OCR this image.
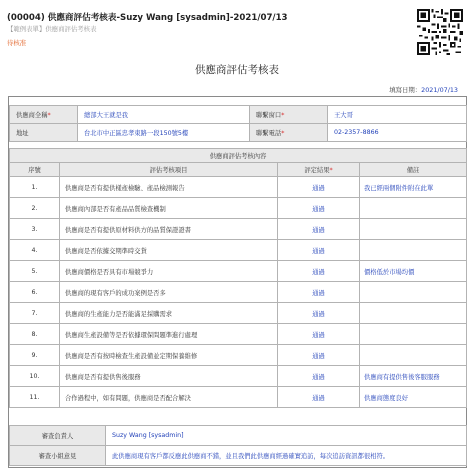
(00004) 供應商評估考核表-Suzy Wang [sysadmin]-2021/07/13
【範例表單】供應商評估考核表
待核准
供應商評估考核表
填寫日期：2021/07/13
供應商全稱*	總部大王就是我	聯繫窗口*	王大哥
地址	台北市中正區忠孝東路一段150號5樓	聯繫電話*	02-2357-8866
供應商評估考核內容			
序號	評估考核項目	評定結果*	備註
1.	供應商是否有提供樣產檢驗、產品檢測報告	通過	我已經兩個附件附在此單
2.	供應商內部是否有產品品質檢查機制	通過	
3.	供應商是否有提供原材料供方的品質保證證書	通過	
4.	供應商是否依據交期準時交貨	通過	
5.	供應商價格是否具有市場競爭力	通過	價格低於市場均價
6.	供應商的現有客戶的成功案例是否多	通過	
7.	供應商的生產能力是否能滿足採購需求	通過	
8.	供應商生產設備等是否依據環保問題準進行處理	通過	
9.	供應商是否有按時檢查生產設備並定期保養維修	通過	
10.	供應商是否有提供售後服務	通過	供應商有提供售後客服服務
11.	合作過程中，如有問題，供應商是否配合解決	通過	供應商態度良好
審查負責人	Suzy Wang [sysadmin]
審查小組意見	此供應商現有客戶都反應此供應商不錯，並且我們此供應商經過確實追訪，每次追訪資訊都很相符。
